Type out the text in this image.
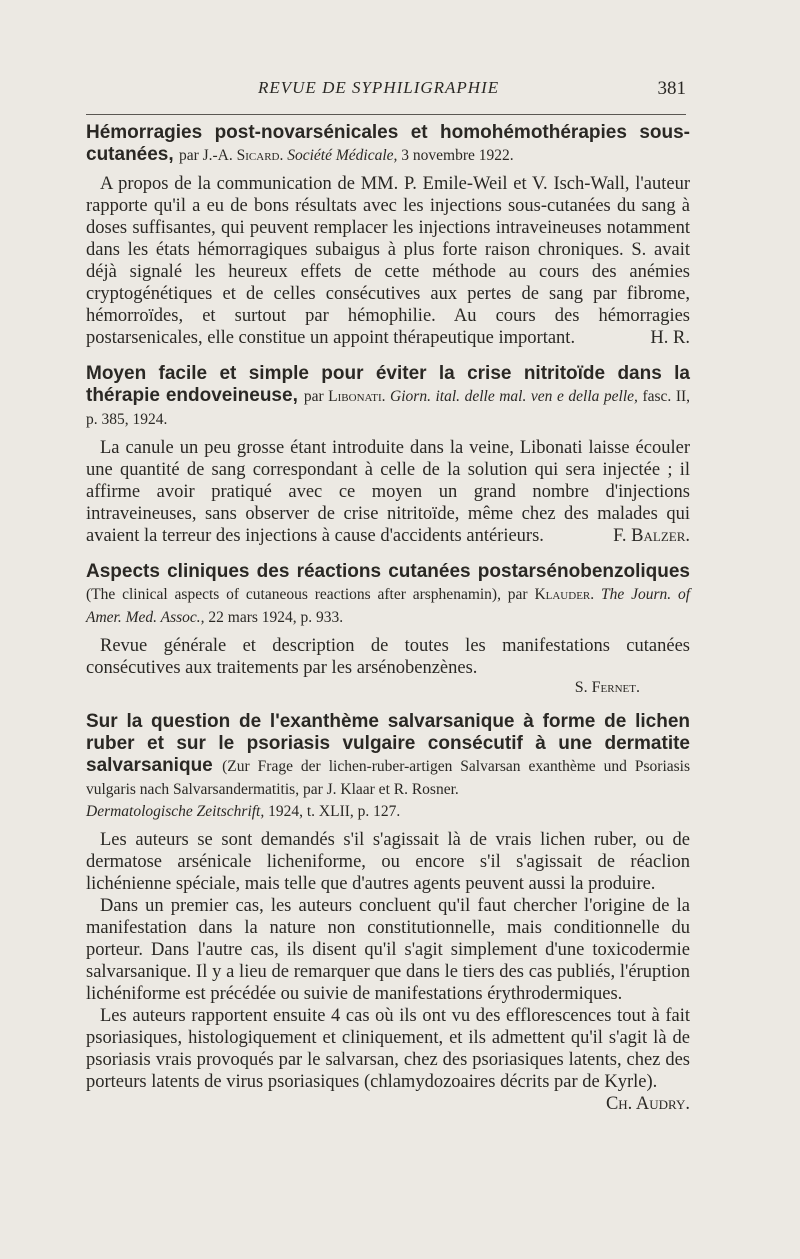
REVUE DE SYPHILIGRAPHIE	381

Hémorragies post-novarsénicales et homohémothérapies sous-cutanées, par J.-A. Sicard. Société Médicale, 3 novembre 1922.

A propos de la communication de MM. P. Emile-Weil et V. Isch-Wall, l'auteur rapporte qu'il a eu de bons résultats avec les injections sous-cutanées du sang à doses suffisantes, qui peuvent remplacer les injections intraveineuses notamment dans les états hémorragiques subaigus à plus forte raison chroniques. S. avait déjà signalé les heureux effets de cette méthode au cours des anémies cryptogénétiques et de celles consécutives aux pertes de sang par fibrome, hémorroïdes, et surtout par hémophilie. Au cours des hémorragies postarsenicales, elle constitue un appoint thérapeutique important.	H. R.

Moyen facile et simple pour éviter la crise nitritoïde dans la thérapie endoveineuse, par Libonati. Giorn. ital. delle mal. ven e della pelle, fasc. II, p. 385, 1924.

La canule un peu grosse étant introduite dans la veine, Libonati laisse écouler une quantité de sang correspondant à celle de la solution qui sera injectée ; il affirme avoir pratiqué avec ce moyen un grand nombre d'injections intraveineuses, sans observer de crise nitritoïde, même chez des malades qui avaient la terreur des injections à cause d'accidents antérieurs.	F. Balzer.

Aspects cliniques des réactions cutanées postarsénobenzoliques (The clinical aspects of cutaneous reactions after arsphenamin), par Klauder. The Journ. of Amer. Med. Assoc., 22 mars 1924, p. 933.

Revue générale et description de toutes les manifestations cutanées consécutives aux traitements par les arsénobenzènes.

S. Fernet.

Sur la question de l'exanthème salvarsanique à forme de lichen ruber et sur le psoriasis vulgaire consécutif à une dermatite salvarsanique (Zur Frage der lichen-ruber-artigen Salvarsan exanthème und Psoriasis vulgaris nach Salvarsandermatitis, par J. Klaar et R. Rosner.
Dermatologische Zeitschrift, 1924, t. XLII, p. 127.

Les auteurs se sont demandés s'il s'agissait là de vrais lichen ruber, ou de dermatose arsénicale licheniforme, ou encore s'il s'agissait de réaclion lichénienne spéciale, mais telle que d'autres agents peuvent aussi la produire.

Dans un premier cas, les auteurs concluent qu'il faut chercher l'origine de la manifestation dans la nature non constitutionnelle, mais conditionnelle du porteur. Dans l'autre cas, ils disent qu'il s'agit simplement d'une toxicodermie salvarsanique. Il y a lieu de remarquer que dans le tiers des cas publiés, l'éruption lichéniforme est précédée ou suivie de manifestations érythrodermiques.

Les auteurs rapportent ensuite 4 cas où ils ont vu des efflorescences tout à fait psoriasiques, histologiquement et cliniquement, et ils admettent qu'il s'agit là de psoriasis vrais provoqués par le salvarsan, chez des psoriasiques latents, chez des porteurs latents de virus psoriasiques (chlamydozoaires décrits par de Kyrle).
Ch. Audry.
